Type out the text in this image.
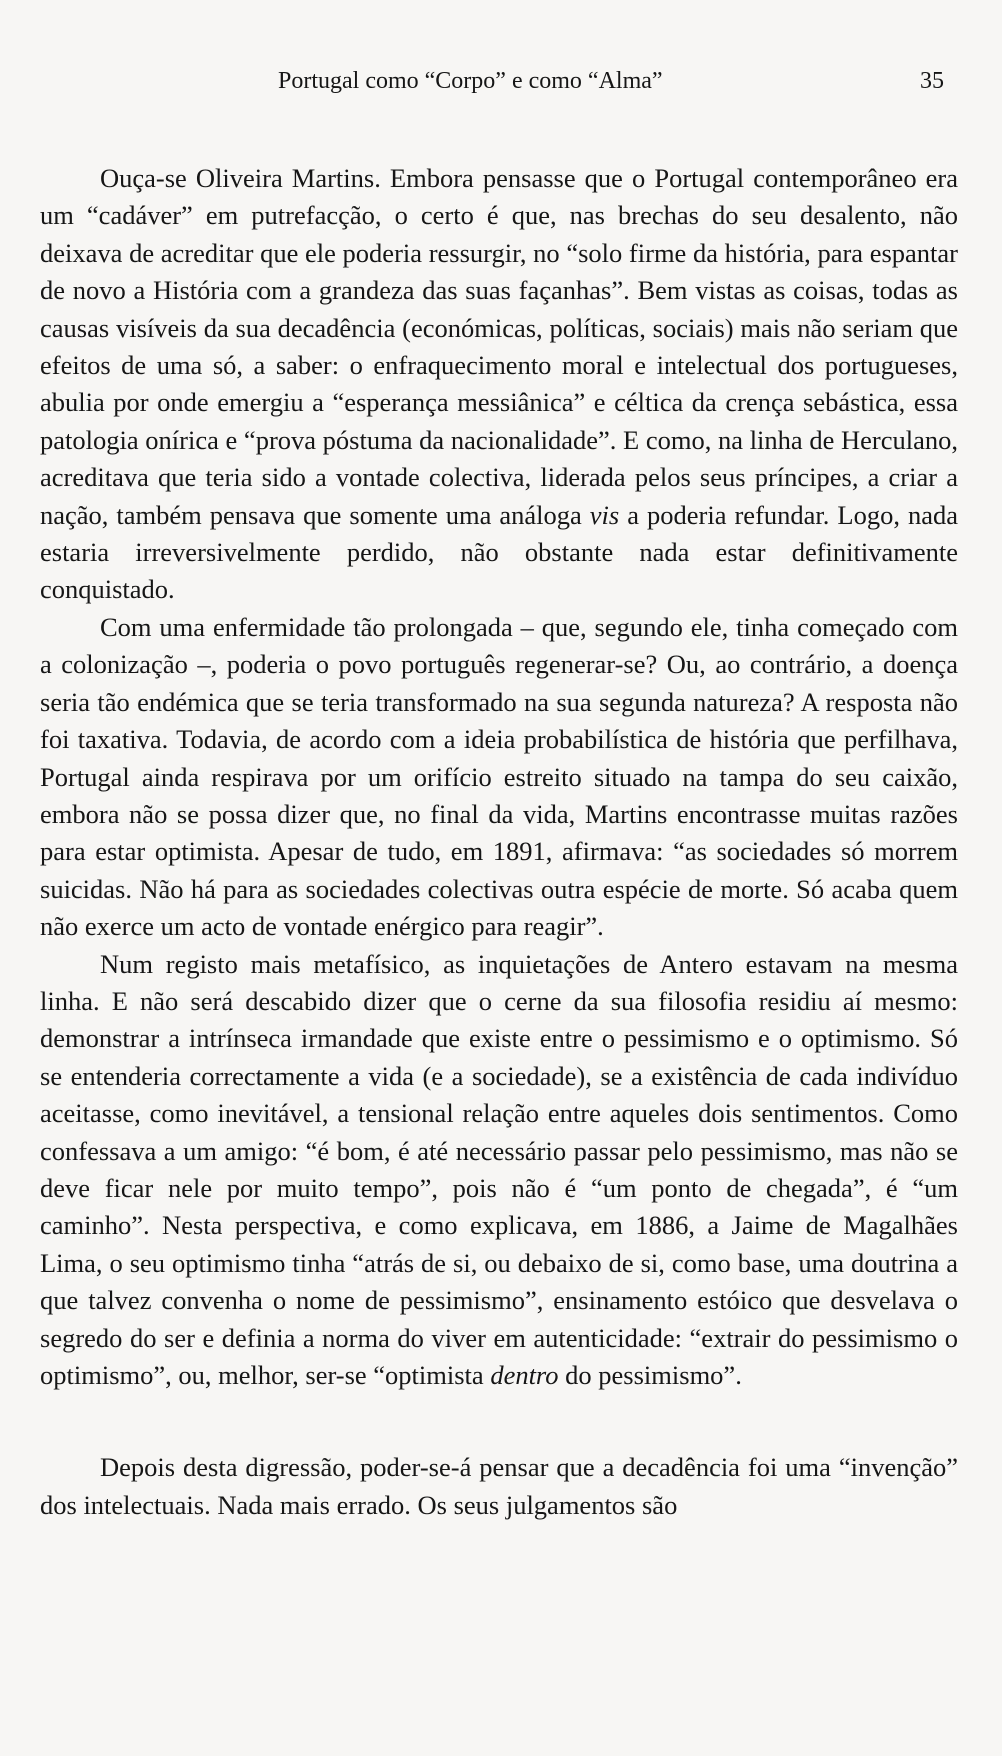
Portugal como “Corpo” e como “Alma”	35

Ouça-se Oliveira Martins. Embora pensasse que o Portugal contemporâneo era um “cadáver” em putrefacção, o certo é que, nas brechas do seu desalento, não deixava de acreditar que ele poderia ressurgir, no “solo firme da história, para espantar de novo a História com a grandeza das suas façanhas”. Bem vistas as coisas, todas as causas visíveis da sua decadência (económicas, políticas, sociais) mais não seriam que efeitos de uma só, a saber: o enfraquecimento moral e intelectual dos portugueses, abulia por onde emergiu a “esperança messiânica” e céltica da crença sebástica, essa patologia onírica e “prova póstuma da nacionalidade”. E como, na linha de Herculano, acreditava que teria sido a vontade colectiva, liderada pelos seus príncipes, a criar a nação, também pensava que somente uma análoga vis a poderia refundar. Logo, nada estaria irreversivelmente perdido, não obstante nada estar definitivamente conquistado.

Com uma enfermidade tão prolongada – que, segundo ele, tinha começado com a colonização –, poderia o povo português regenerar-se? Ou, ao contrário, a doença seria tão endémica que se teria transformado na sua segunda natureza? A resposta não foi taxativa. Todavia, de acordo com a ideia probabilística de história que perfilhava, Portugal ainda respirava por um orifício estreito situado na tampa do seu caixão, embora não se possa dizer que, no final da vida, Martins encontrasse muitas razões para estar optimista. Apesar de tudo, em 1891, afirmava: “as sociedades só morrem suicidas. Não há para as sociedades colectivas outra espécie de morte. Só acaba quem não exerce um acto de vontade enérgico para reagir”.

Num registo mais metafísico, as inquietações de Antero estavam na mesma linha. E não será descabido dizer que o cerne da sua filosofia residiu aí mesmo: demonstrar a intrínseca irmandade que existe entre o pessimismo e o optimismo. Só se entenderia correctamente a vida (e a sociedade), se a existência de cada indivíduo aceitasse, como inevitável, a tensional relação entre aqueles dois sentimentos. Como confessava a um amigo: “é bom, é até necessário passar pelo pessimismo, mas não se deve ficar nele por muito tempo”, pois não é “um ponto de chegada”, é “um caminho”. Nesta perspectiva, e como explicava, em 1886, a Jaime de Magalhães Lima, o seu optimismo tinha “atrás de si, ou debaixo de si, como base, uma doutrina a que talvez convenha o nome de pessimismo”, ensinamento estóico que desvelava o segredo do ser e definia a norma do viver em autenticidade: “extrair do pessimismo o optimismo”, ou, melhor, ser-se “optimista dentro do pessimismo”.

Depois desta digressão, poder-se-á pensar que a decadência foi uma “invenção” dos intelectuais. Nada mais errado. Os seus julgamentos são
